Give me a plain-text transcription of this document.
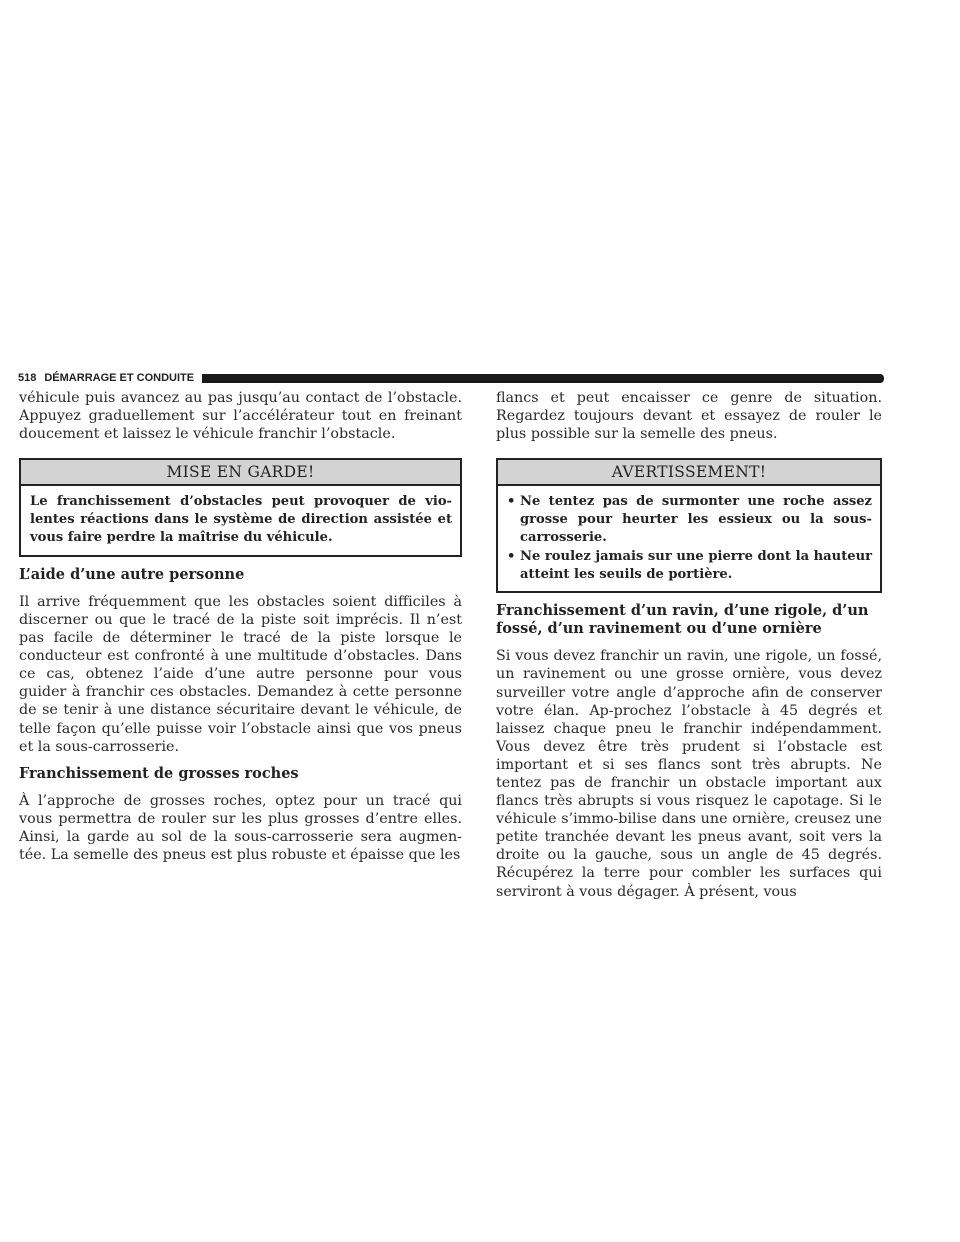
518 DÉMARRAGE ET CONDUITE

véhicule puis avancez au pas jusqu’au contact de l’obstacle. Appuyez graduellement sur l’accélérateur tout en freinant doucement et laissez le véhicule franchir l’obstacle.

MISE EN GARDE!
Le franchissement d’obstacles peut provoquer de vio-lentes réactions dans le système de direction assistée et vous faire perdre la maîtrise du véhicule.
L’aide d’une autre personne

Il arrive fréquemment que les obstacles soient difficiles à discerner ou que le tracé de la piste soit imprécis. Il n’est pas facile de déterminer le tracé de la piste lorsque le conducteur est confronté à une multitude d’obstacles. Dans ce cas, obtenez l’aide d’une autre personne pour vous guider à franchir ces obstacles. Demandez à cette personne de se tenir à une distance sécuritaire devant le véhicule, de telle façon qu’elle puisse voir l’obstacle ainsi que vos pneus et la sous-carrosserie.

Franchissement de grosses roches

À l’approche de grosses roches, optez pour un tracé qui vous permettra de rouler sur les plus grosses d’entre elles. Ainsi, la garde au sol de la sous-carrosserie sera augmen-tée. La semelle des pneus est plus robuste et épaisse que les

flancs et peut encaisser ce genre de situation. Regardez toujours devant et essayez de rouler le plus possible sur la semelle des pneus.

AVERTISSEMENT!
• Ne tentez pas de surmonter une roche assez grosse pour heurter les essieux ou la sous-carrosserie.
• Ne roulez jamais sur une pierre dont la hauteur atteint les seuils de portière.
Franchissement d’un ravin, d’une rigole, d’un fossé, d’un ravinement ou d’une ornière

Si vous devez franchir un ravin, une rigole, un fossé, un ravinement ou une grosse ornière, vous devez surveiller votre angle d’approche afin de conserver votre élan. Ap-prochez l’obstacle à 45 degrés et laissez chaque pneu le franchir indépendamment. Vous devez être très prudent si l’obstacle est important et si ses flancs sont très abrupts. Ne tentez pas de franchir un obstacle important aux flancs très abrupts si vous risquez le capotage. Si le véhicule s’immo-bilise dans une ornière, creusez une petite tranchée devant les pneus avant, soit vers la droite ou la gauche, sous un angle de 45 degrés. Récupérez la terre pour combler les surfaces qui serviront à vous dégager. À présent, vous
